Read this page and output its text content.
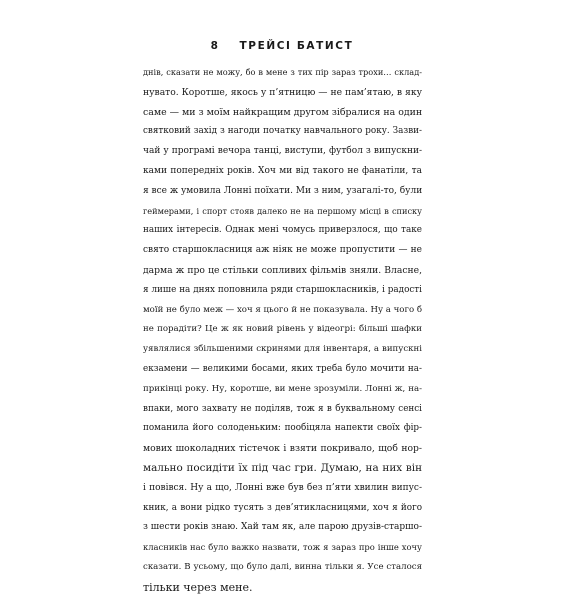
8 ТРЕЙСІ БАТИСТ
днів, сказати не можу, бо в мене з тих пір зараз трохи… склад-
нувато. Коротше, якось у п’ятницю — не пам’ятаю, в яку
саме — ми з моїм найкращим другом зібралися на один
святковий захід з нагоди початку навчального року. Зазви-
чай у програмі вечора танці, виступи, футбол з випускни-
ками попередніх років. Хоч ми від такого не фанатіли, та
я все ж умовила Лонні поїхати. Ми з ним, узагалі-то, були
геймерами, і спорт стояв далеко не на першому місці в списку
наших інтересів. Однак мені чомусь приверзлося, що таке
свято старшокласниця аж ніяк не може пропустити — не
дарма ж про це стільки сопливих фільмів зняли. Власне,
я лише на днях поповнила ряди старшокласників, і радості
моїй не було меж — хоч я цього й не показувала. Ну а чого б
не порадіти? Це ж як новий рівень у відеогрі: більші шафки
уявлялися збільшеними скринями для інвентаря, а випускні
екзамени — великими босами, яких треба було мочити на-
прикінці року. Ну, коротше, ви мене зрозуміли. Лонні ж, на-
впаки, мого захвату не поділяв, тож я в буквальному сенсі
поманила його солоденьким: пообіцяла напекти своїх фір-
мових шоколадних тістечок і взяти покривало, щоб нор-
мально посидіти їх під час гри. Думаю, на них він
і повівся. Ну а що, Лонні вже був без п’яти хвилин випус-
кник, а вони рідко тусять з дев’ятикласницями, хоч я його
з шести років знаю. Хай там як, але парою друзів-старшо-
класників нас було важко назвати, тож я зараз про інше хочу
сказати. В усьому, що було далі, винна тільки я. Усе сталося
тільки через мене.
